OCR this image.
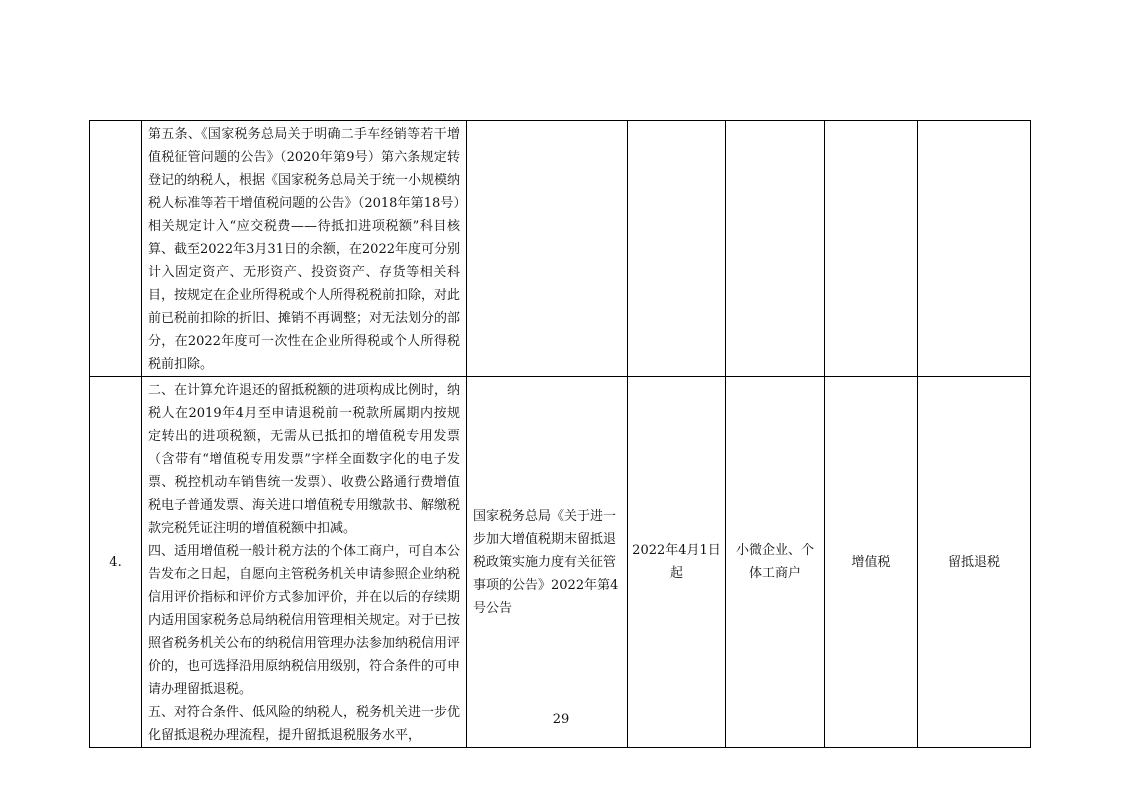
	第五条、《国家税务总局关于明确二手车经销等若干增值税征管问题的公告》（2020年第9号）第六条规定转登记的纳税人，根据《国家税务总局关于统一小规模纳税人标准等若干增值税问题的公告》（2018年第18号）相关规定计入“应交税费——待抵扣进项税额”科目核算、截至2022年3月31日的余额，在2022年度可分别计入固定资产、无形资产、投资资产、存货等相关科目，按规定在企业所得税或个人所得税税前扣除，对此前已税前扣除的折旧、摊销不再调整；对无法划分的部分，在2022年度可一次性在企业所得税或个人所得税税前扣除。					

4.	二、在计算允许退还的留抵税额的进项构成比例时，纳税人在2019年4月至申请退税前一税款所属期内按规定转出的进项税额，无需从已抵扣的增值税专用发票（含带有“增值税专用发票”字样全面数字化的电子发票、税控机动车销售统一发票）、收费公路通行费增值税电子普通发票、海关进口增值税专用缴款书、解缴税款完税凭证注明的增值税额中扣减。
四、适用增值税一般计税方法的个体工商户，可自本公告发布之日起，自愿向主管税务机关申请参照企业纳税信用评价指标和评价方式参加评价，并在以后的存续期内适用国家税务总局纳税信用管理相关规定。对于已按照省税务机关公布的纳税信用管理办法参加纳税信用评价的，也可选择沿用原纳税信用级别，符合条件的可申请办理留抵退税。
五、对符合条件、低风险的纳税人，税务机关进一步优化留抵退税办理流程，提升留抵退税服务水平，	国家税务总局《关于进一步加大增值税期末留抵退税政策实施力度有关征管事项的公告》2022年第4号公告	2022年4月1日起	小微企业、个体工商户	增值税	留抵退税
29
